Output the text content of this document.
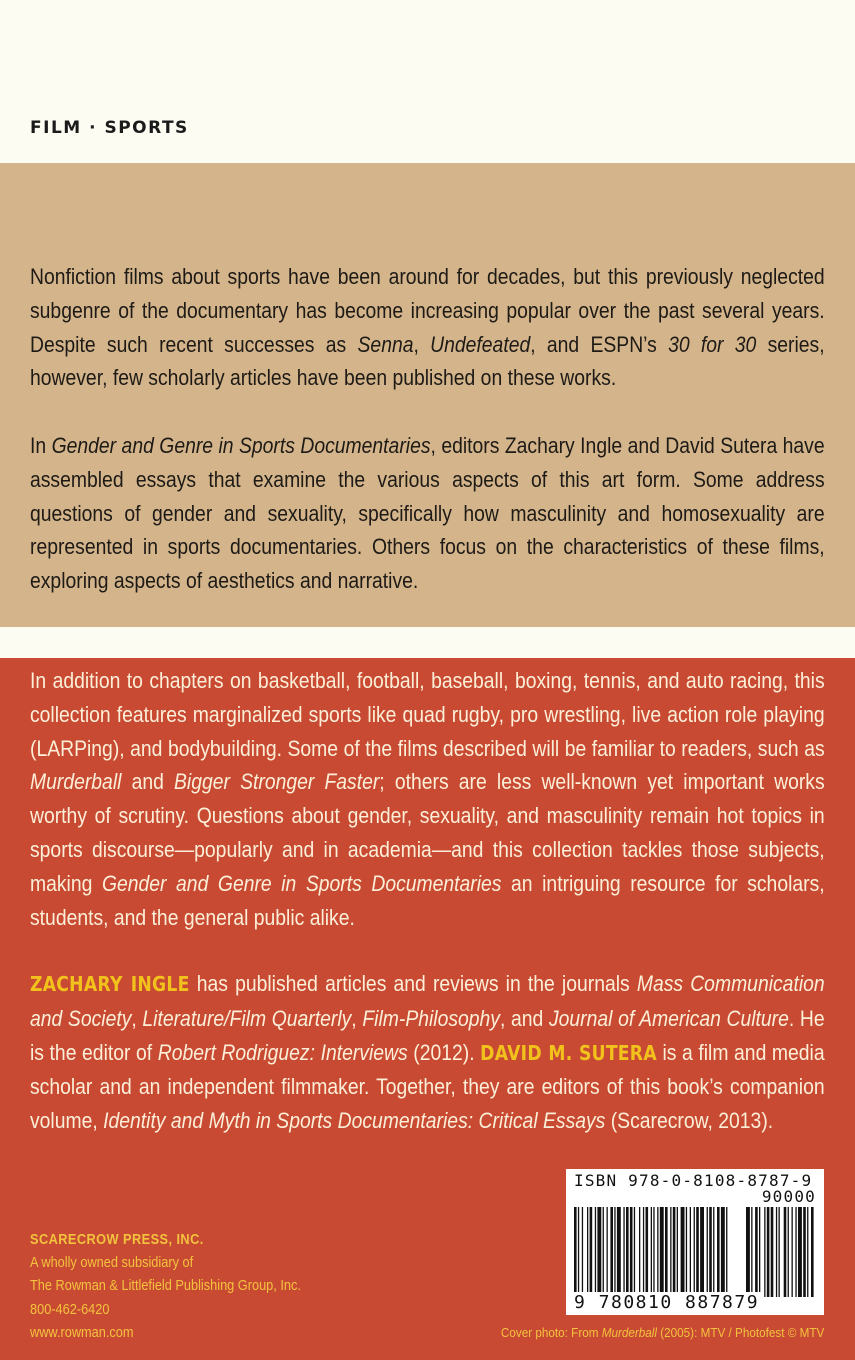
FILM · SPORTS

Nonfiction films about sports have been around for decades, but this previously neglected subgenre of the documentary has become increasing popular over the past several years. Despite such recent successes as Senna, Undefeated, and ESPN’s 30 for 30 series, however, few scholarly articles have been published on these works.

In Gender and Genre in Sports Documentaries, editors Zachary Ingle and David Sutera have assembled essays that examine the various aspects of this art form. Some address questions of gender and sexuality, specifically how masculinity and homosexuality are represented in sports documentaries. Others focus on the characteristics of these films, exploring aspects of aesthetics and narrative.

In addition to chapters on basketball, football, baseball, boxing, tennis, and auto racing, this collection features marginalized sports like quad rugby, pro wrestling, live action role playing (LARPing), and bodybuilding. Some of the films described will be familiar to readers, such as Murderball and Bigger Stronger Faster; others are less well-known yet important works worthy of scrutiny. Questions about gender, sexuality, and masculinity remain hot topics in sports discourse—popularly and in academia—and this collection tackles those subjects, making Gender and Genre in Sports Documentaries an intriguing resource for scholars, students, and the general public alike.

ZACHARY INGLE has published articles and reviews in the journals Mass Communication and Society, Literature/Film Quarterly, Film-Philosophy, and Journal of American Culture. He is the editor of Robert Rodriguez: Interviews (2012). DAVID M. SUTERA is a film and media scholar and an independent filmmaker. Together, they are editors of this book’s companion volume, Identity and Myth in Sports Documentaries: Critical Essays (Scarecrow, 2013).

SCARECROW PRESS, INC.
A wholly owned subsidiary of
The Rowman & Littlefield Publishing Group, Inc.
800-462-6420
www.rowman.com
ISBN 978-0-8108-8787-9
90000
9 780810 887879
Cover photo: From Murderball (2005): MTV / Photofest © MTV
